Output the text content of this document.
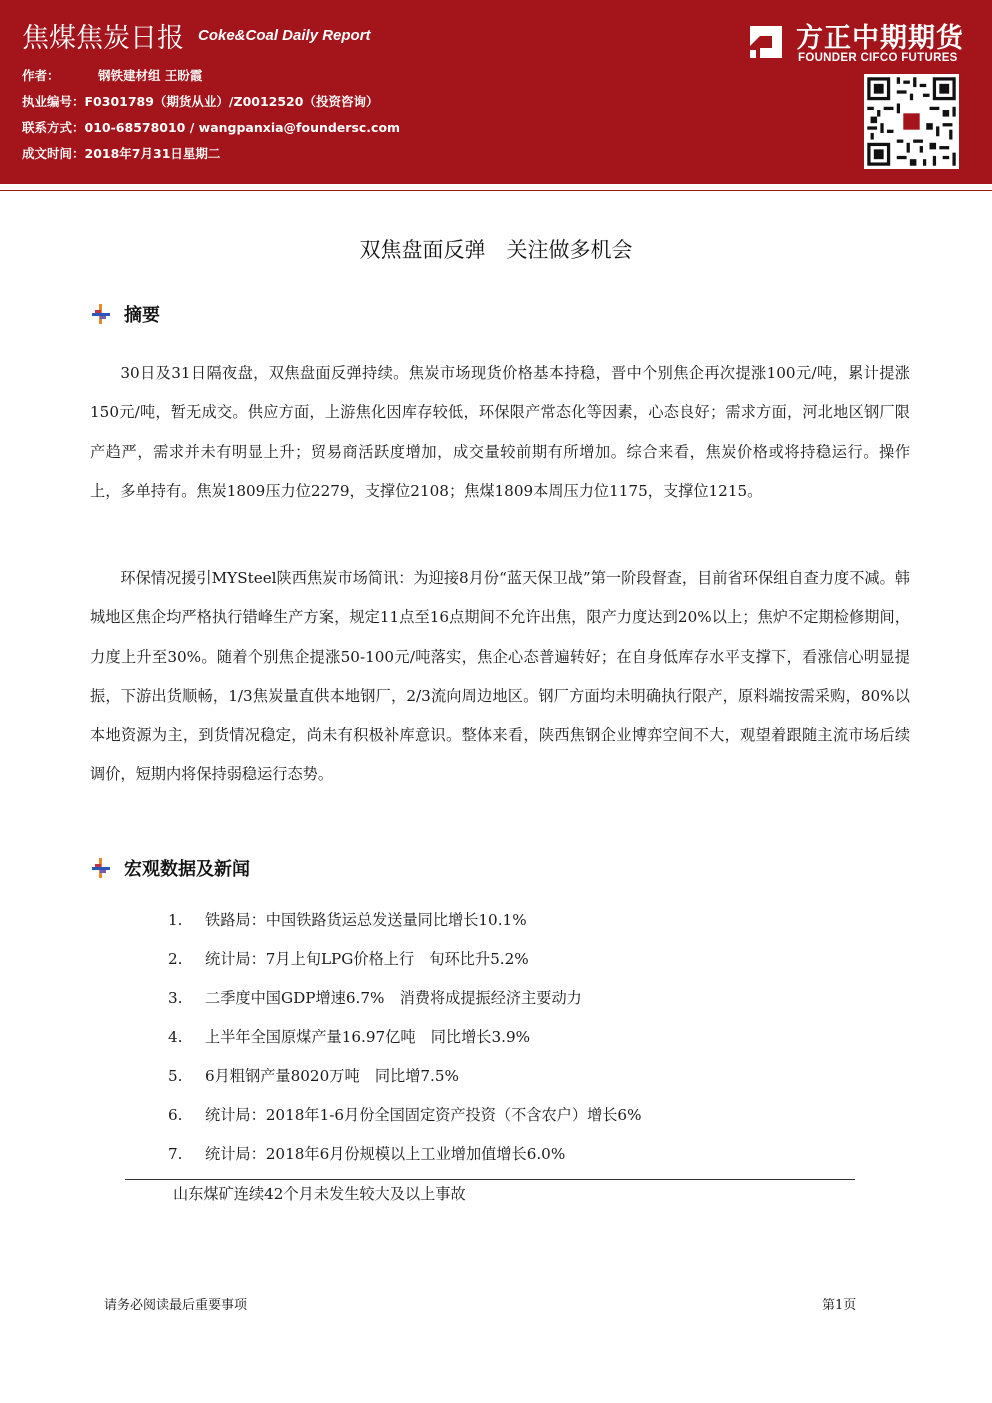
焦煤焦炭日报 Coke&Coal Daily Report
作者：	钢铁建材组 王盼霞
执业编号：F0301789（期货从业）/Z0012520（投资咨询）
联系方式：010-68578010 / wangpanxia@foundersc.com
成文时间：2018年7月31日星期二
方正中期期货
FOUNDER CIFCO FUTURES
双焦盘面反弹　关注做多机会
摘要

30日及31日隔夜盘，双焦盘面反弹持续。焦炭市场现货价格基本持稳，晋中个别焦企再次提涨100元/吨，累计提涨150元/吨，暂无成交。供应方面，上游焦化因库存较低，环保限产常态化等因素，心态良好；需求方面，河北地区钢厂限产趋严，需求并未有明显上升；贸易商活跃度增加，成交量较前期有所增加。综合来看，焦炭价格或将持稳运行。操作上，多单持有。焦炭1809压力位2279，支撑位2108；焦煤1809本周压力位1175，支撑位1215。

环保情况援引MYSteel陕西焦炭市场简讯：为迎接8月份“蓝天保卫战”第一阶段督查，目前省环保组自查力度不减。韩城地区焦企均严格执行错峰生产方案，规定11点至16点期间不允许出焦，限产力度达到20%以上；焦炉不定期检修期间，力度上升至30%。随着个别焦企提涨50-100元/吨落实，焦企心态普遍转好；在自身低库存水平支撑下，看涨信心明显提振，下游出货顺畅，1/3焦炭量直供本地钢厂，2/3流向周边地区。钢厂方面均未明确执行限产，原料端按需采购，80%以本地资源为主，到货情况稳定，尚未有积极补库意识。整体来看，陕西焦钢企业博弈空间不大，观望着跟随主流市场后续调价，短期内将保持弱稳运行态势。

宏观数据及新闻
1. 铁路局：中国铁路货运总发送量同比增长10.1%
2. 统计局：7月上旬LPG价格上行　旬环比升5.2%
3. 二季度中国GDP增速6.7%　消费将成提振经济主要动力
4. 上半年全国原煤产量16.97亿吨　同比增长3.9%
5. 6月粗钢产量8020万吨　同比增7.5%
6. 统计局：2018年1-6月份全国固定资产投资（不含农户）增长6%
7. 统计局：2018年6月份规模以上工业增加值增长6.0%
山东煤矿连续42个月未发生较大及以上事故
请务必阅读最后重要事项	第1页
